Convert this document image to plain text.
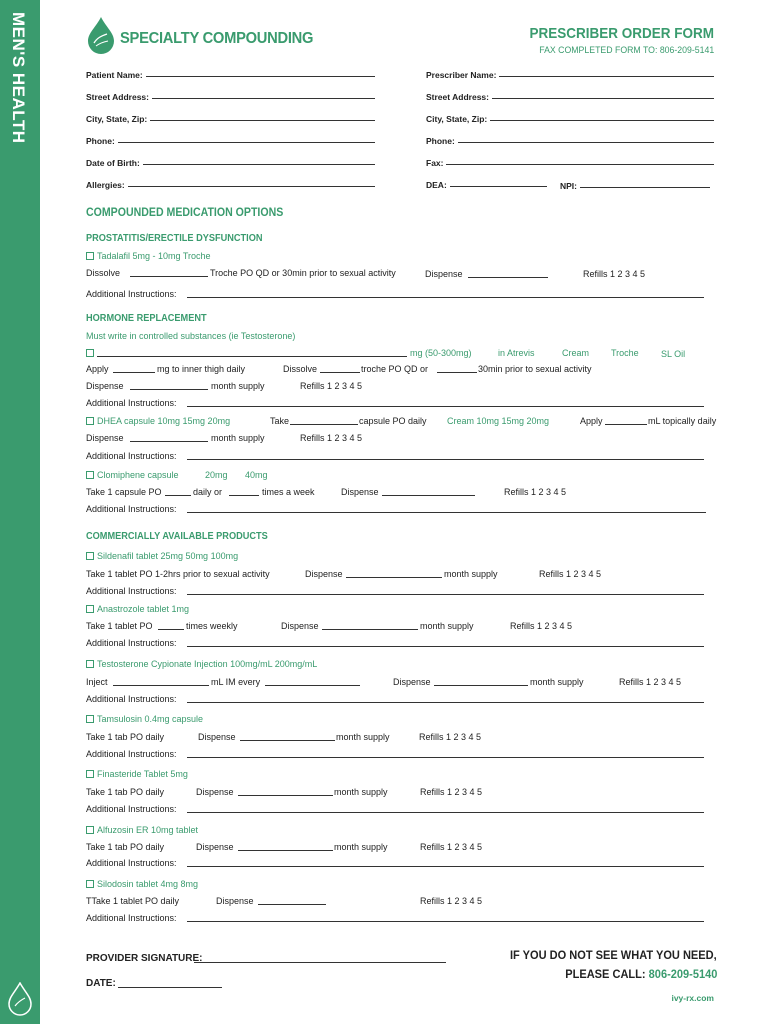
MEN'S HEALTH	SPECIALTY COMPOUNDING	PRESCRIBER ORDER FORM
FAX COMPLETED FORM TO: 806-209-5141
Patient Name:
Street Address:
City, State, Zip:
Phone:
Date of Birth:
Allergies:
Prescriber Name:
Street Address:
City, State, Zip:
Phone:
Fax:
DEA:	NPI:
COMPOUNDED MEDICATION OPTIONS
PROSTATITIS/ERECTILE DYSFUNCTION
Tadalafil 5mg - 10mg Troche
Dissolve	Troche PO QD or 30min prior to sexual activity	Dispense	Refills 1 2 3 4 5
Additional Instructions:
HORMONE REPLACEMENT
Must write in controlled substances (ie Testosterone)
mg (50-300mg)	in Atrevis	Cream Troche SL Oil
Apply	mg to inner thigh daily	Dissolve	troche PO QD or	30min prior to sexual activity
Dispense	month supply	Refills 1 2 3 4 5
Additional Instructions:
DHEA capsule 10mg 15mg 20mg	Take	capsule PO daily Cream 10mg 15mg 20mg	Apply	mL topically daily
Dispense	month supply	Refills 1 2 3 4 5
Additional Instructions:
Clomiphene capsule	20mg 40mg
Take 1 capsule PO	daily or	times a week	Dispense	Refills 1 2 3 4 5
Additional Instructions:
COMMERCIALLY AVAILABLE PRODUCTS
Sildenafil tablet 25mg 50mg 100mg
Take 1 tablet PO 1-2hrs prior to sexual activity	Dispense	month supply	Refills 1 2 3 4 5
Additional Instructions:
Anastrozole tablet 1mg
Take 1 tablet PO	times weekly	Dispense	month supply	Refills 1 2 3 4 5
Additional Instructions:
Testosterone Cypionate Injection 100mg/mL 200mg/mL
Inject	mL IM every	Dispense	month supply	Refills 1 2 3 4 5
Additional Instructions:
Tamsulosin 0.4mg capsule
Take 1 tab PO daily	Dispense	month supply	Refills 1 2 3 4 5
Additional Instructions:
Finasteride Tablet 5mg
Take 1 tab PO daily	Dispense	month supply	Refills 1 2 3 4 5
Additional Instructions:
Alfuzosin ER 10mg tablet
Take 1 tab PO daily	Dispense	month supply	Refills 1 2 3 4 5
Additional Instructions:
Silodosin tablet 4mg 8mg
TTake 1 tablet PO daily	Dispense	Refills 1 2 3 4 5
Additional Instructions:
PROVIDER SIGNATURE:
DATE:
IF YOU DO NOT SEE WHAT YOU NEED,
PLEASE CALL: 806-209-5140
ivy-rx.com
